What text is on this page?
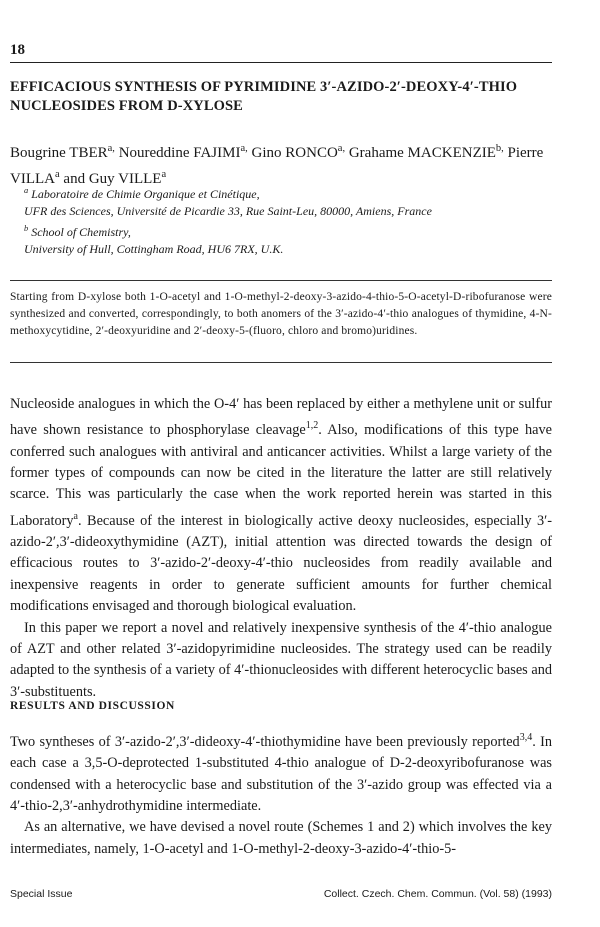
18
EFFICACIOUS SYNTHESIS OF PYRIMIDINE 3′-AZIDO-2′-DEOXY-4′-THIO NUCLEOSIDES FROM D-XYLOSE
Bougrine $TBER^{a,}$ Noureddine $FAJIMI^{a,}$ Gino $RONCO^{a,}$ Grahame $MACKENZIE^{b,}$ Pierre VILLA$^a$ and Guy VILLE$^a$
$^a$ Laboratoire de Chimie Organique et Cinétique,
UFR des Sciences, Université de Picardie 33, Rue Saint-Leu, 80000, Amiens, France
$^b$ School of Chemistry,
University of Hull, Cottingham Road, HU6 7RX, U.K.
Starting from D-xylose both 1-O-acetyl and 1-O-methyl-2-deoxy-3-azido-4-thio-5-O-acetyl-D-ribofuranose were synthesized and converted, correspondingly, to both anomers of the 3′-azido-4′-thio analogues of thymidine, 4-N-methoxycytidine, 2′-deoxyuridine and 2′-deoxy-5-(fluoro, chloro and bromo)uridines.

Nucleoside analogues in which the O-4′ has been replaced by either a methylene unit or sulfur have shown resistance to phosphorylase cleavage$^{1,2}$. Also, modifications of this type have conferred such analogues with antiviral and anticancer activities. Whilst a large variety of the former types of compounds can now be cited in the literature the latter are still relatively scarce. This was particularly the case when the work reported herein was started in this Laboratory$^a$. Because of the interest in biologically active deoxy nucleosides, especially 3′-azido-2′,3′-dideoxythymidine (AZT), initial attention was directed towards the design of efficacious routes to 3′-azido-2′-deoxy-4′-thio nucleosides from readily available and inexpensive reagents in order to generate sufficient amounts for further chemical modifications envisaged and thorough biological evaluation.

In this paper we report a novel and relatively inexpensive synthesis of the 4′-thio analogue of AZT and other related 3′-azidopyrimidine nucleosides. The strategy used can be readily adapted to the synthesis of a variety of 4′-thionucleosides with different heterocyclic bases and 3′-substituents.

RESULTS AND DISCUSSION

Two syntheses of 3′-azido-2′,3′-dideoxy-4′-thiothymidine have been previously reported$^{3,4}$. In each case a 3,5-O-deprotected 1-substituted 4-thio analogue of D-2-deoxyribofuranose was condensed with a heterocyclic base and substitution of the 3′-azido group was effected via a 4′-thio-2,3′-anhydrothymidine intermediate.

As an alternative, we have devised a novel route (Schemes 1 and 2) which involves the key intermediates, namely, 1-O-acetyl and 1-O-methyl-2-deoxy-3-azido-4′-thio-5-

Special Issue	Collect. Czech. Chem. Commun. (Vol. 58) (1993)
